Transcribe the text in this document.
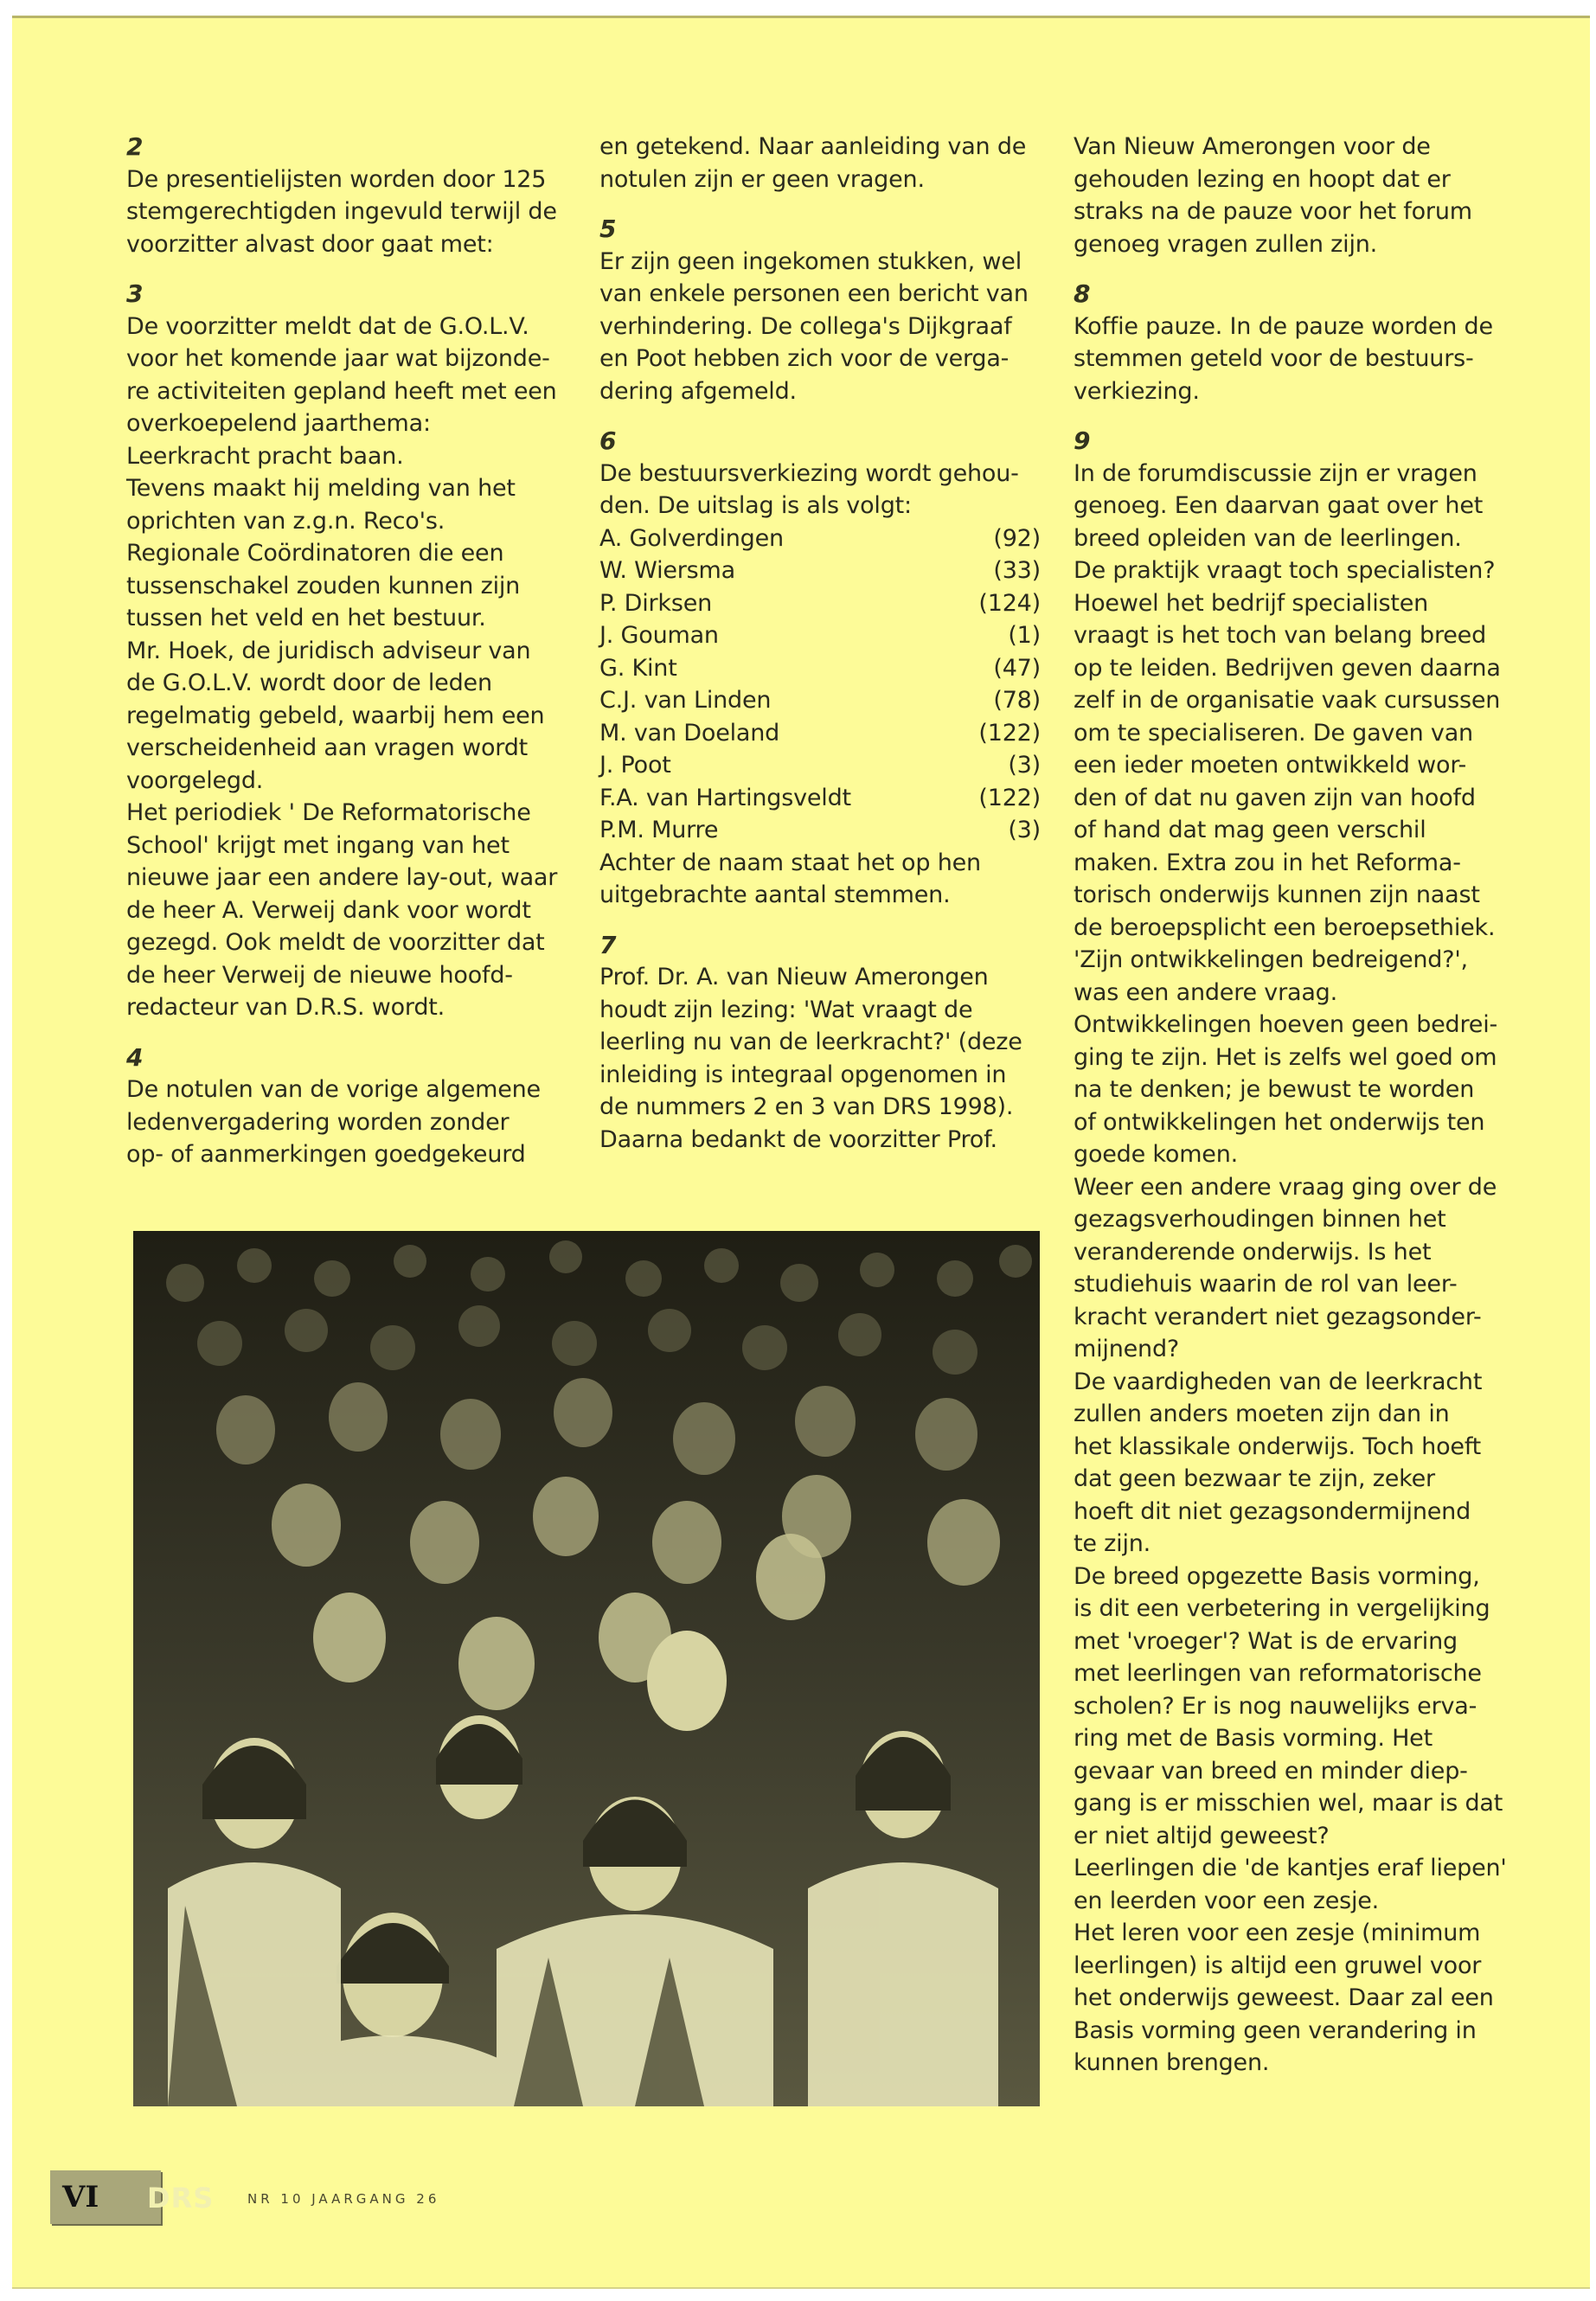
2
De presentielijsten worden door 125
stemgerechtigden ingevuld terwijl de
voorzitter alvast door gaat met:
3
De voorzitter meldt dat de G.O.L.V.
voor het komende jaar wat bijzonde-
re activiteiten gepland heeft met een
overkoepelend jaarthema:
Leerkracht pracht baan.
Tevens maakt hij melding van het
oprichten van z.g.n. Reco's.
Regionale Coördinatoren die een
tussenschakel zouden kunnen zijn
tussen het veld en het bestuur.
Mr. Hoek, de juridisch adviseur van
de G.O.L.V. wordt door de leden
regelmatig gebeld, waarbij hem een
verscheidenheid aan vragen wordt
voorgelegd.
Het periodiek ' De Reformatorische
School' krijgt met ingang van het
nieuwe jaar een andere lay-out, waar
de heer A. Verweij dank voor wordt
gezegd. Ook meldt de voorzitter dat
de heer Verweij de nieuwe hoofd-
redacteur van D.R.S. wordt.
4
De notulen van de vorige algemene
ledenvergadering worden zonder
op- of aanmerkingen goedgekeurd
en getekend. Naar aanleiding van de
notulen zijn er geen vragen.
5
Er zijn geen ingekomen stukken, wel
van enkele personen een bericht van
verhindering. De collega's Dijkgraaf
en Poot hebben zich voor de verga-
dering afgemeld.
6
De bestuursverkiezing wordt gehou-
den. De uitslag is als volgt:
A. Golverdingen	(92)
W. Wiersma	(33)
P. Dirksen	(124)
J. Gouman	(1)
G. Kint	(47)
C.J. van Linden	(78)
M. van Doeland	(122)
J. Poot	(3)
F.A. van Hartingsveldt	(122)
P.M. Murre	(3)
Achter de naam staat het op hen
uitgebrachte aantal stemmen.
7
Prof. Dr. A. van Nieuw Amerongen
houdt zijn lezing: 'Wat vraagt de
leerling nu van de leerkracht?' (deze
inleiding is integraal opgenomen in
de nummers 2 en 3 van DRS 1998).
Daarna bedankt de voorzitter Prof.
Van Nieuw Amerongen voor de
gehouden lezing en hoopt dat er
straks na de pauze voor het forum
genoeg vragen zullen zijn.
8
Koffie pauze. In de pauze worden de
stemmen geteld voor de bestuurs-
verkiezing.
9
In de forumdiscussie zijn er vragen
genoeg. Een daarvan gaat over het
breed opleiden van de leerlingen.
De praktijk vraagt toch specialisten?
Hoewel het bedrijf specialisten
vraagt is het toch van belang breed
op te leiden. Bedrijven geven daarna
zelf in de organisatie vaak cursussen
om te specialiseren. De gaven van
een ieder moeten ontwikkeld wor-
den of dat nu gaven zijn van hoofd
of hand dat mag geen verschil
maken. Extra zou in het Reforma-
torisch onderwijs kunnen zijn naast
de beroepsplicht een beroepsethiek.
'Zijn ontwikkelingen bedreigend?',
was een andere vraag.
Ontwikkelingen hoeven geen bedrei-
ging te zijn. Het is zelfs wel goed om
na te denken; je bewust te worden
of ontwikkelingen het onderwijs ten
goede komen.
Weer een andere vraag ging over de
gezagsverhoudingen binnen het
veranderende onderwijs. Is het
studiehuis waarin de rol van leer-
kracht verandert niet gezagsonder-
mijnend?
De vaardigheden van de leerkracht
zullen anders moeten zijn dan in
het klassikale onderwijs. Toch hoeft
dat geen bezwaar te zijn, zeker
hoeft dit niet gezagsondermijnend
te zijn.
De breed opgezette Basis vorming,
is dit een verbetering in vergelijking
met 'vroeger'? Wat is de ervaring
met leerlingen van reformatorische
scholen? Er is nog nauwelijks erva-
ring met de Basis vorming. Het
gevaar van breed en minder diep-
gang is er misschien wel, maar is dat
er niet altijd geweest?
Leerlingen die 'de kantjes eraf liepen'
en leerden voor een zesje.
Het leren voor een zesje (minimum
leerlingen) is altijd een gruwel voor
het onderwijs geweest. Daar zal een
Basis vorming geen verandering in
kunnen brengen.
VI	DRS	NR 10 JAARGANG 26
